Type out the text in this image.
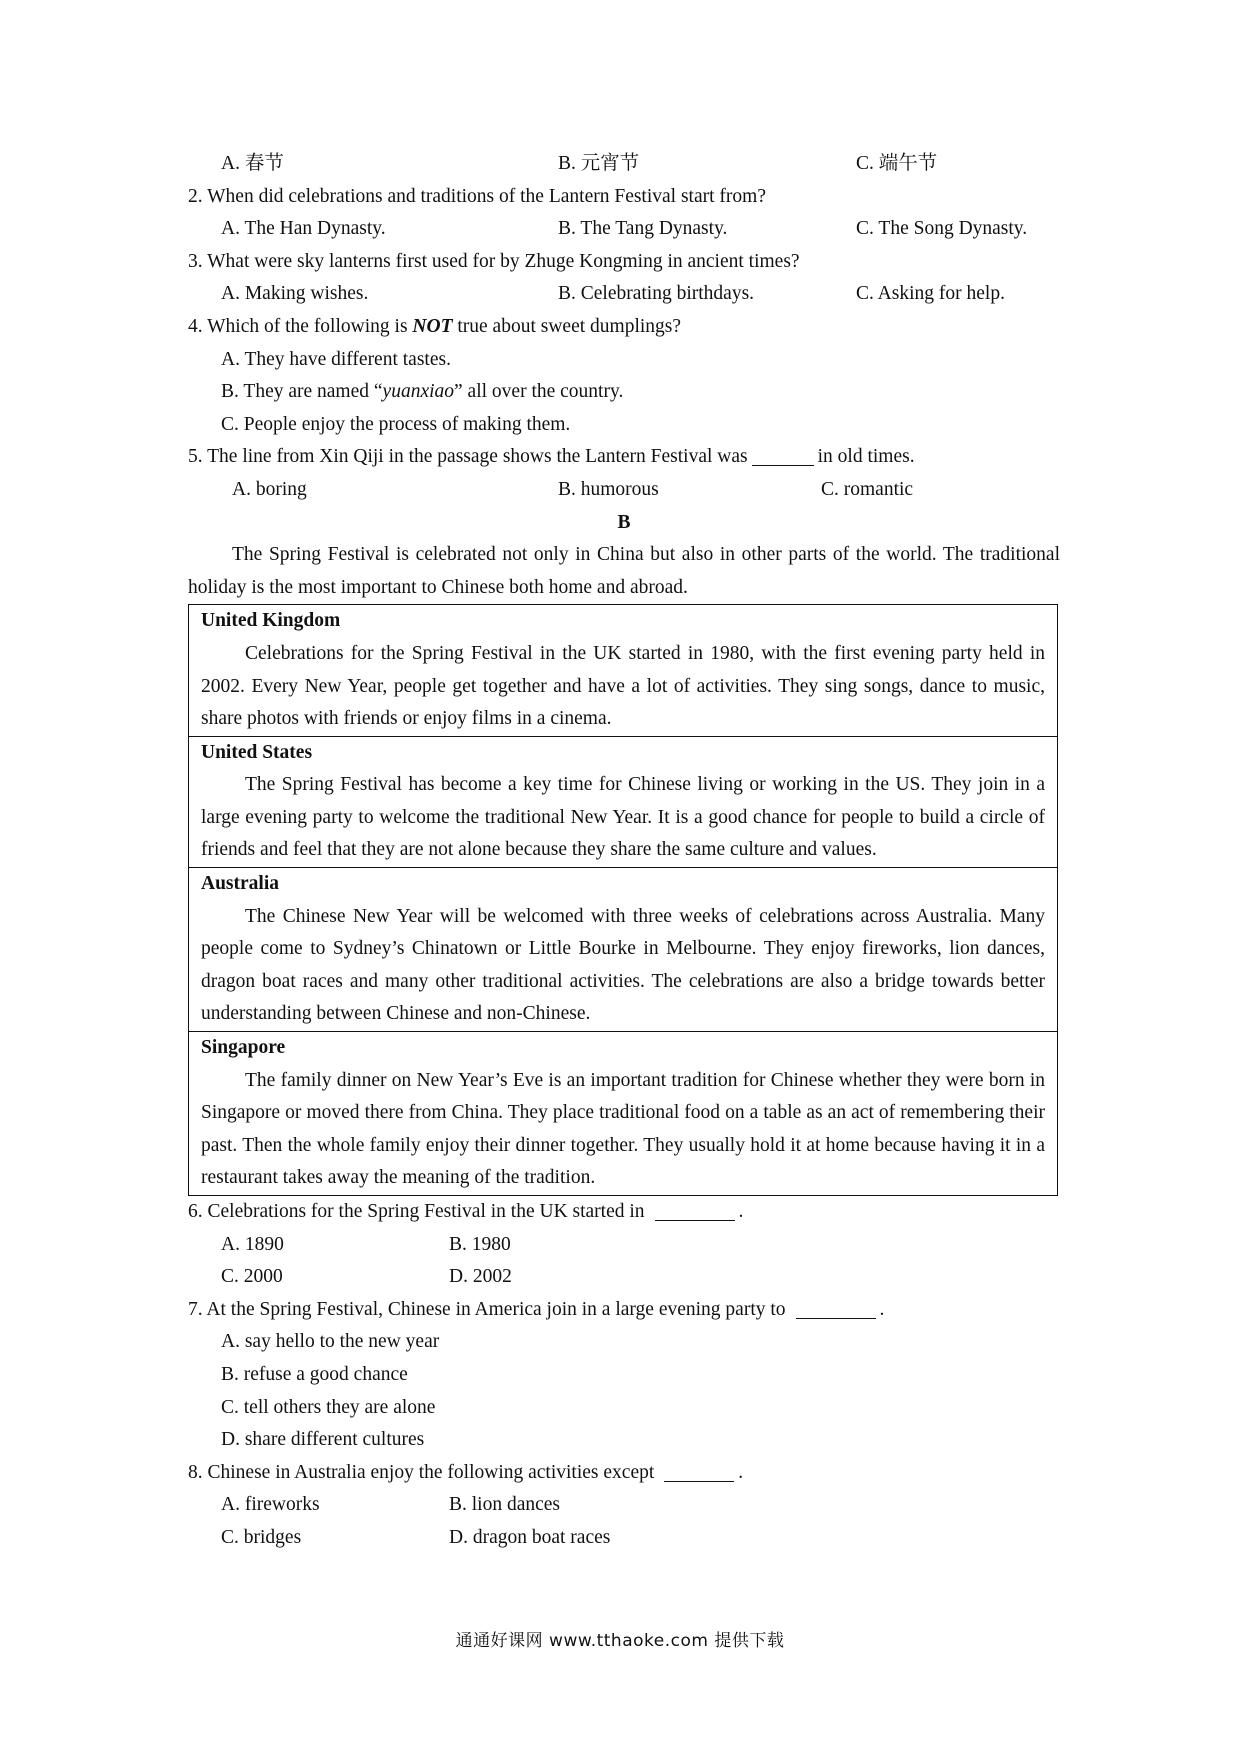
A. 春节	B. 元宵节	C. 端午节
2. When did celebrations and traditions of the Lantern Festival start from?
A. The Han Dynasty.	B. The Tang Dynasty.	C. The Song Dynasty.
3. What were sky lanterns first used for by Zhuge Kongming in ancient times?
A. Making wishes.	B. Celebrating birthdays.	C. Asking for help.
4. Which of the following is NOT true about sweet dumplings?
A. They have different tastes.
B. They are named “yuanxiao” all over the country.
C. People enjoy the process of making them.
5. The line from Xin Qiji in the passage shows the Lantern Festival was	in old times.
A. boring	B. humorous	C. romantic
B
The Spring Festival is celebrated not only in China but also in other parts of the world. The traditional holiday is the most important to Chinese both home and abroad.
United Kingdom

Celebrations for the Spring Festival in the UK started in 1980, with the first evening party held in 2002. Every New Year, people get together and have a lot of activities. They sing songs, dance to music, share photos with friends or enjoy films in a cinema.

United States

The Spring Festival has become a key time for Chinese living or working in the US. They join in a large evening party to welcome the traditional New Year. It is a good chance for people to build a circle of friends and feel that they are not alone because they share the same culture and values.

Australia

The Chinese New Year will be welcomed with three weeks of celebrations across Australia. Many people come to Sydney’s Chinatown or Little Bourke in Melbourne. They enjoy fireworks, lion dances, dragon boat races and many other traditional activities. The celebrations are also a bridge towards better understanding between Chinese and non-Chinese.

Singapore

The family dinner on New Year’s Eve is an important tradition for Chinese whether they were born in Singapore or moved there from China. They place traditional food on a table as an act of remembering their past. Then the whole family enjoy their dinner together. They usually hold it at home because having it in a restaurant takes away the meaning of the tradition.

6. Celebrations for the Spring Festival in the UK started in	.
A. 1890	B. 1980
C. 2000	D. 2002
7. At the Spring Festival, Chinese in America join in a large evening party to	.
A. say hello to the new year
B. refuse a good chance
C. tell others they are alone
D. share different cultures
8. Chinese in Australia enjoy the following activities except	.
A. fireworks	B. lion dances
C. bridges	D. dragon boat races
通通好课网 www.tthaoke.com 提供下载
